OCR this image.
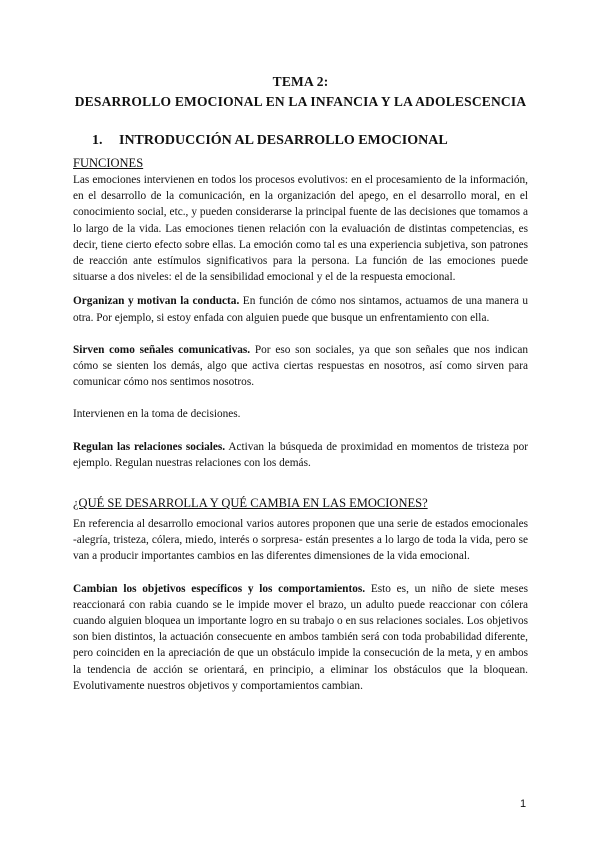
TEMA 2:
DESARROLLO EMOCIONAL EN LA INFANCIA Y LA ADOLESCENCIA
1. INTRODUCCIÓN AL DESARROLLO EMOCIONAL
FUNCIONES

Las emociones intervienen en todos los procesos evolutivos: en el procesamiento de la información, en el desarrollo de la comunicación, en la organización del apego, en el desarrollo moral, en el conocimiento social, etc., y pueden considerarse la principal fuente de las decisiones que tomamos a lo largo de la vida. Las emociones tienen relación con la evaluación de distintas competencias, es decir, tiene cierto efecto sobre ellas. La emoción como tal es una experiencia subjetiva, son patrones de reacción ante estímulos significativos para la persona. La función de las emociones puede situarse a dos niveles: el de la sensibilidad emocional y el de la respuesta emocional.

Organizan y motivan la conducta. En función de cómo nos sintamos, actuamos de una manera u otra. Por ejemplo, si estoy enfada con alguien puede que busque un enfrentamiento con ella.

Sirven como señales comunicativas. Por eso son sociales, ya que son señales que nos indican cómo se sienten los demás, algo que activa ciertas respuestas en nosotros, así como sirven para comunicar cómo nos sentimos nosotros.

Intervienen en la toma de decisiones.

Regulan las relaciones sociales. Activan la búsqueda de proximidad en momentos de tristeza por ejemplo. Regulan nuestras relaciones con los demás.

¿QUÉ SE DESARROLLA Y QUÉ CAMBIA EN LAS EMOCIONES?

En referencia al desarrollo emocional varios autores proponen que una serie de estados emocionales -alegría, tristeza, cólera, miedo, interés o sorpresa- están presentes a lo largo de toda la vida, pero se van a producir importantes cambios en las diferentes dimensiones de la vida emocional.

Cambian los objetivos específicos y los comportamientos. Esto es, un niño de siete meses reaccionará con rabia cuando se le impide mover el brazo, un adulto puede reaccionar con cólera cuando alguien bloquea un importante logro en su trabajo o en sus relaciones sociales. Los objetivos son bien distintos, la actuación consecuente en ambos también será con toda probabilidad diferente, pero coinciden en la apreciación de que un obstáculo impide la consecución de la meta, y en ambos la tendencia de acción se orientará, en principio, a eliminar los obstáculos que la bloquean. Evolutivamente nuestros objetivos y comportamientos cambian.

1
